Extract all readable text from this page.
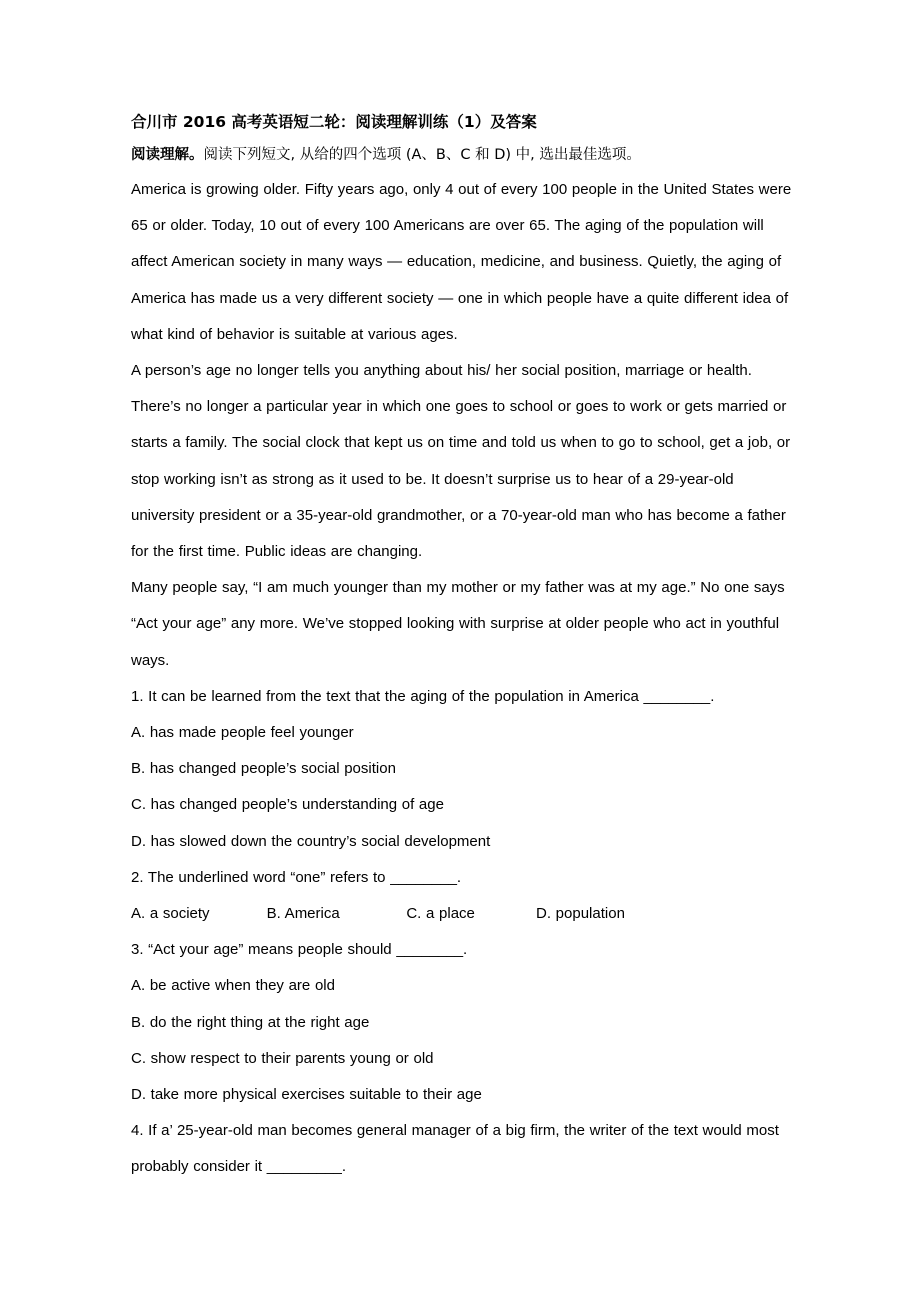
合川市 2016 高考英语短二轮：阅读理解训练（1）及答案

阅读理解。阅读下列短文, 从给的四个选项 (A、B、C 和 D) 中, 选出最佳选项。

America is growing older. Fifty years ago, only 4 out of every 100 people in the United States were 65 or older. Today, 10 out of every 100 Americans are over 65. The aging of the population will affect American society in many ways — education, medicine, and business. Quietly, the aging of America has made us a very different society — one in which people have a quite different idea of what kind of behavior is suitable at various ages.

A person’s age no longer tells you anything about his/ her social position, marriage or health. There’s no longer a particular year in which one goes to school or goes to work or gets married or starts a family. The social clock that kept us on time and told us when to go to school, get a job, or stop working isn’t as strong as it used to be. It doesn’t surprise us to hear of a 29-year-old university president or a 35-year-old grandmother, or a 70-year-old man who has become a father for the first time. Public ideas are changing.

Many people say, “I am much younger than my mother or my father was at my age.” No one says “Act your age” any more. We’ve stopped looking with surprise at older people who act in youthful ways.

1. It can be learned from the text that the aging of the population in America ________.

A. has made people feel younger

B. has changed people’s social position

C. has changed people’s understanding of age

D. has slowed down the country’s social development

2. The underlined word “one” refers to ________.

A. a society	B. America	C. a place	D. population

3. “Act your age” means people should ________.

A. be active when they are old

B. do the right thing at the right age

C. show respect to their parents young or old

D. take more physical exercises suitable to their age

4. If a’ 25-year-old man becomes general manager of a big firm, the writer of the text would most probably consider it _________.
